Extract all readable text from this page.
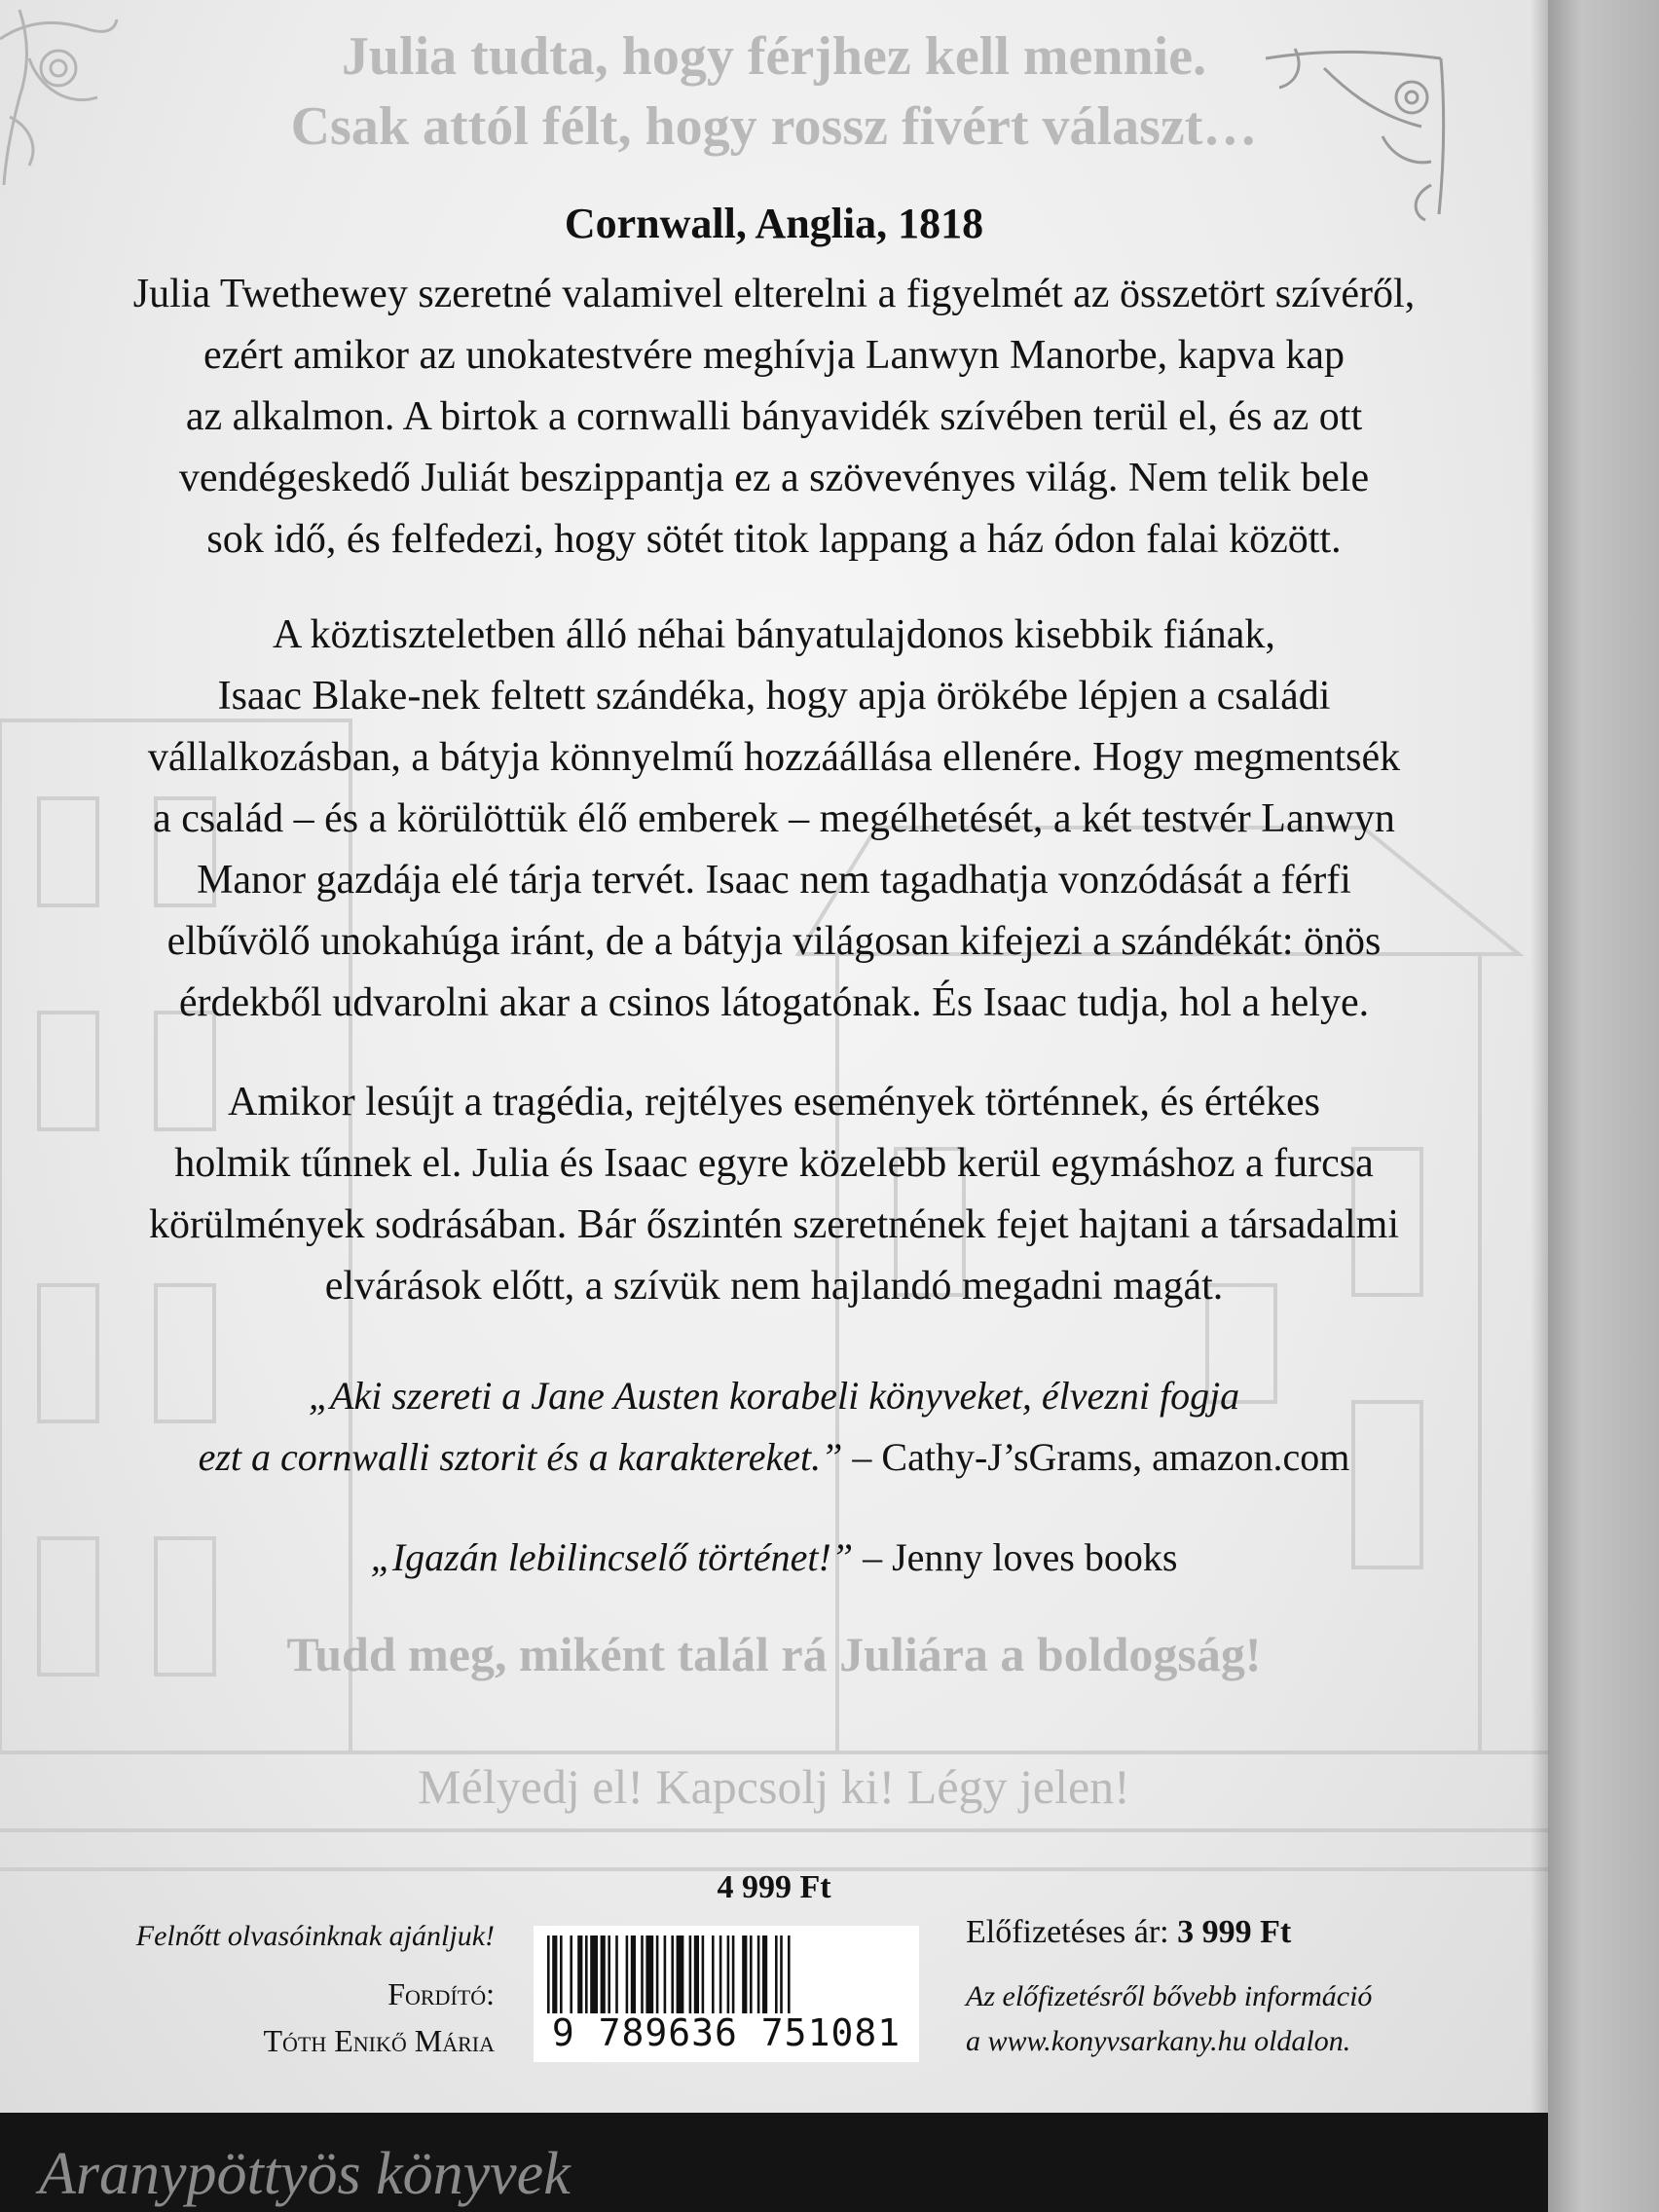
Julia tudta, hogy férjhez kell mennie.
Csak attól félt, hogy rossz fivért választ…
Cornwall, Anglia, 1818
Julia Twethewey szeretné valamivel elterelni a figyelmét az összetört szívéről,
ezért amikor az unokatestvére meghívja Lanwyn Manorbe, kapva kap
az alkalmon. A birtok a cornwalli bányavidék szívében terül el, és az ott
vendégeskedő Juliát beszippantja ez a szövevényes világ. Nem telik bele
sok idő, és felfedezi, hogy sötét titok lappang a ház ódon falai között.
A köztiszteletben álló néhai bányatulajdonos kisebbik fiának,
Isaac Blake-nek feltett szándéka, hogy apja örökébe lépjen a családi
vállalkozásban, a bátyja könnyelmű hozzáállása ellenére. Hogy megmentsék
a család – és a körülöttük élő emberek – megélhetését, a két testvér Lanwyn
Manor gazdája elé tárja tervét. Isaac nem tagadhatja vonzódását a férfi
elbűvölő unokahúga iránt, de a bátyja világosan kifejezi a szándékát: önös
érdekből udvarolni akar a csinos látogatónak. És Isaac tudja, hol a helye.
Amikor lesújt a tragédia, rejtélyes események történnek, és értékes
holmik tűnnek el. Julia és Isaac egyre közelebb kerül egymáshoz a furcsa
körülmények sodrásában. Bár őszintén szeretnének fejet hajtani a társadalmi
elvárások előtt, a szívük nem hajlandó megadni magát.
„Aki szereti a Jane Austen korabeli könyveket, élvezni fogja
ezt a cornwalli sztorit és a karaktereket.” – Cathy-J’sGrams, amazon.com
„Igazán lebilincselő történet!” – Jenny loves books
Tudd meg, miként talál rá Juliára a boldogság!
Mélyedj el! Kapcsolj ki! Légy jelen!
4 999 Ft
Felnőtt olvasóinknak ajánljuk!
Fordító:
Tóth Enikő Mária	9 789636 751081
Előfizetéses ár: 3 999 Ft
Az előfizetésről bővebb információ
a www.konyvsarkany.hu oldalon.
Aranypöttyös könyvek
